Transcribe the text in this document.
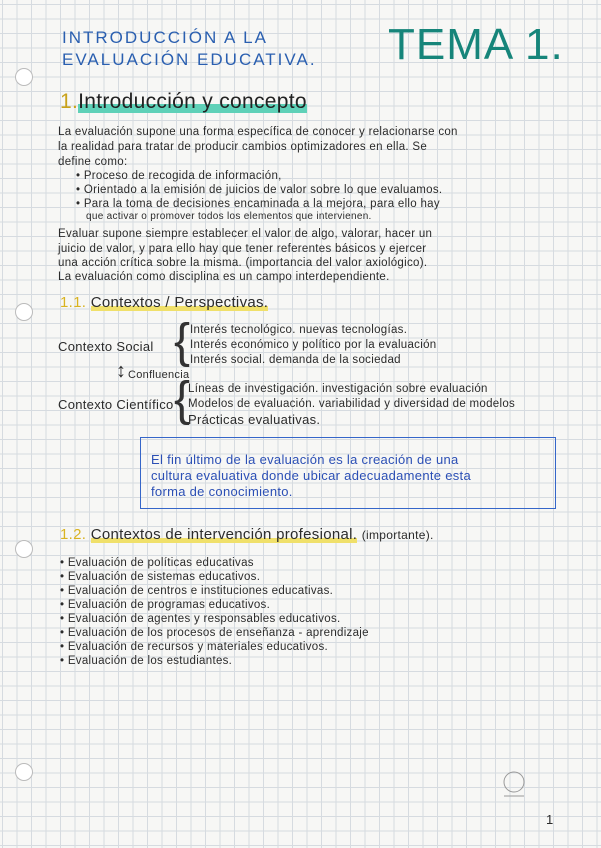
INTRODUCCIÓN A LA
EVALUACIÓN EDUCATIVA. TEMA 1.
1.Introducción y concepto
La evaluación supone una forma específica de conocer y relacionarse con
la realidad para tratar de producir cambios optimizadores en ella. Se
define como:
• Proceso de recogida de información,
• Orientado a la emisión de juicios de valor sobre lo que evaluamos.
• Para la toma de decisiones encaminada a la mejora, para ello hay
que activar o promover todos los elementos que intervienen.
Evaluar supone siempre establecer el valor de algo, valorar, hacer un
juicio de valor, y para ello hay que tener referentes básicos y ejercer
una acción crítica sobre la misma. (importancia del valor axiológico).
La evaluación como disciplina es un campo interdependiente.
1.1. Contextos / Perspectivas.
Contexto Social { Interés tecnológico. nuevas tecnologías.
Interés económico y político por la evaluación
Interés social. demanda de la sociedad
↕ Confluencia
Contexto Científico {
Líneas de investigación. investigación sobre evaluación
Modelos de evaluación. variabilidad y diversidad de modelos
Prácticas evaluativas.
El fin último de la evaluación es la creación de una
cultura evaluativa donde ubicar adecuadamente esta
forma de conocimiento.
1.2. Contextos de intervención profesional. (importante).
• Evaluación de políticas educativas
• Evaluación de sistemas educativos.
• Evaluación de centros e instituciones educativas.
• Evaluación de programas educativos.
• Evaluación de agentes y responsables educativos.
• Evaluación de los procesos de enseñanza - aprendizaje
• Evaluación de recursos y materiales educativos.
• Evaluación de los estudiantes.
1
